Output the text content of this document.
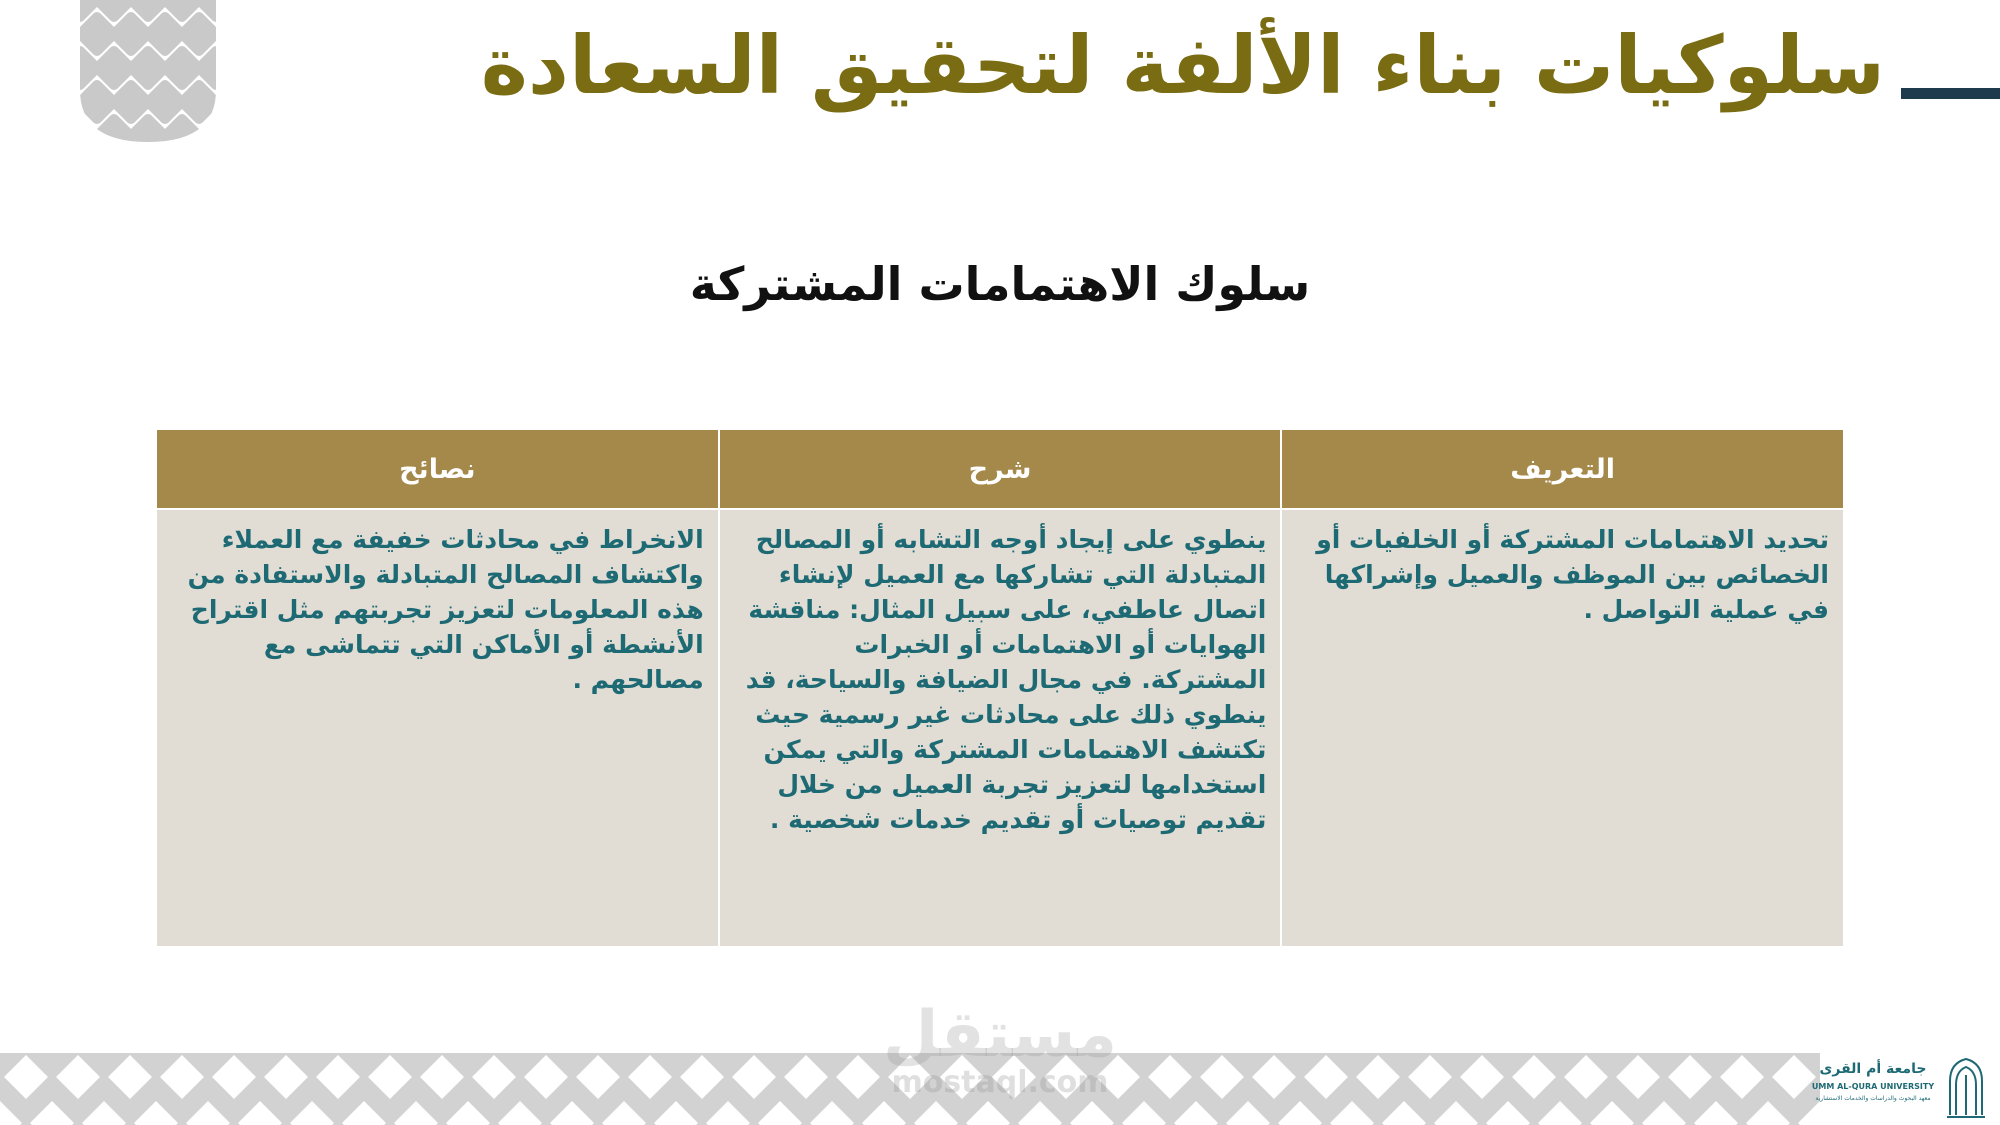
سلوكيات بناء الألفة لتحقيق السعادة
سلوك الاهتمامات المشتركة
التعريف	شرح	نصائح
تحديد الاهتمامات المشتركة أو الخلفيات أو الخصائص بين الموظف والعميل وإشراكها في عملية التواصل .	ينطوي على إيجاد أوجه التشابه أو المصالح المتبادلة التي تشاركها مع العميل لإنشاء اتصال عاطفي، على سبيل المثال: مناقشة الهوايات أو الاهتمامات أو الخبرات المشتركة. في مجال الضيافة والسياحة، قد ينطوي ذلك على محادثات غير رسمية حيث تكتشف الاهتمامات المشتركة والتي يمكن استخدامها لتعزيز تجربة العميل من خلال تقديم توصيات أو تقديم خدمات شخصية .	الانخراط في محادثات خفيفة مع العملاء واكتشاف المصالح المتبادلة والاستفادة من هذه المعلومات لتعزيز تجربتهم مثل اقتراح الأنشطة أو الأماكن التي تتماشى مع مصالحهم .
مستقل
mostaql.com	جامعة أم القرى
UMM AL-QURA UNIVERSITY
معهد البحوث والدراسات والخدمات الاستشارية
